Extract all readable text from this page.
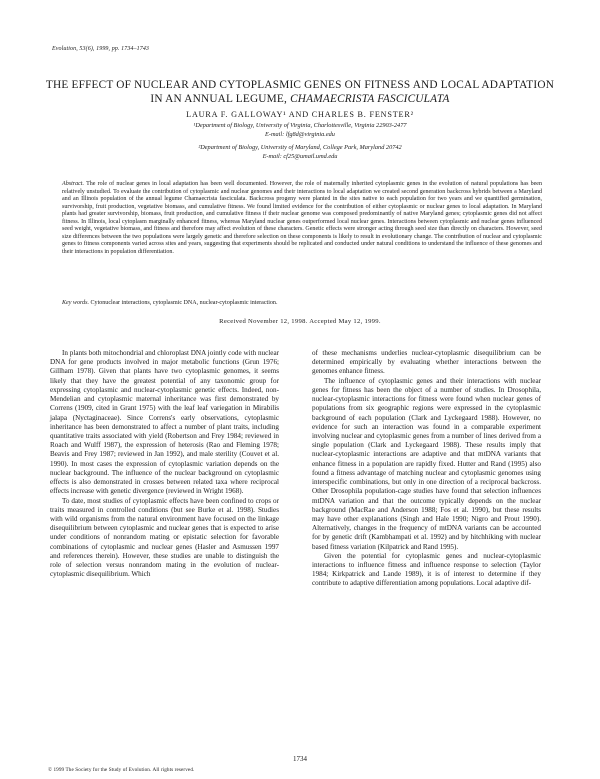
Evolution, 53(6), 1999, pp. 1734–1743
THE EFFECT OF NUCLEAR AND CYTOPLASMIC GENES ON FITNESS AND LOCAL ADAPTATION IN AN ANNUAL LEGUME, CHAMAECRISTA FASCICULATA
LAURA F. GALLOWAY¹ AND CHARLES B. FENSTER²
¹Department of Biology, University of Virginia, Charlottesville, Virginia 22903-2477
E-mail: lfg8d@virginia.edu
²Department of Biology, University of Maryland, College Park, Maryland 20742
E-mail: cf25@umail.umd.edu
Abstract. The role of nuclear genes in local adaptation has been well documented. However, the role of maternally inherited cytoplasmic genes in the evolution of natural populations has been relatively unstudied. To evaluate the contribution of cytoplasmic and nuclear genomes and their interactions to local adaptation we created second generation backcross hybrids between a Maryland and an Illinois population of the annual legume Chamaecrista fasciculata. Backcross progeny were planted in the sites native to each population for two years and we quantified germination, survivorship, fruit production, vegetative biomass, and cumulative fitness. We found limited evidence for the contribution of either cytoplasmic or nuclear genes to local adaptation. In Maryland plants had greater survivorship, biomass, fruit production, and cumulative fitness if their nuclear genome was composed predominantly of native Maryland genes; cytoplasmic genes did not affect fitness. In Illinois, local cytoplasm marginally enhanced fitness, whereas Maryland nuclear genes outperformed local nuclear genes. Interactions between cytoplasmic and nuclear genes influenced seed weight, vegetative biomass, and fitness and therefore may affect evolution of these characters. Genetic effects were stronger acting through seed size than directly on characters. However, seed size differences between the two populations were largely genetic and therefore selection on these components is likely to result in evolutionary change. The contribution of nuclear and cytoplasmic genes to fitness components varied across sites and years, suggesting that experiments should be replicated and conducted under natural conditions to understand the influence of these genomes and their interactions in population differentiation.
Key words. Cytonuclear interactions, cytoplasmic DNA, nuclear-cytoplasmic interaction.
Received November 12, 1998. Accepted May 12, 1999.

In plants both mitochondrial and chloroplast DNA jointly code with nuclear DNA for gene products involved in major metabolic functions (Grun 1976; Gillham 1978). Given that plants have two cytoplasmic genomes, it seems likely that they have the greatest potential of any taxonomic group for expressing cytoplasmic and nuclear-cytoplasmic genetic effects. Indeed, non-Mendelian and cytoplasmic maternal inheritance was first demonstrated by Correns (1909, cited in Grant 1975) with the leaf leaf variegation in Mirabilis jalapa (Nyctaginaceae). Since Correns's early observations, cytoplasmic inheritance has been demonstrated to affect a number of plant traits, including quantitative traits associated with yield (Robertson and Frey 1984; reviewed in Roach and Wulff 1987), the expression of heterosis (Rao and Fleming 1978; Beavis and Frey 1987; reviewed in Jan 1992), and male sterility (Couvet et al. 1990). In most cases the expression of cytoplasmic variation depends on the nuclear background. The influence of the nuclear background on cytoplasmic effects is also demonstrated in crosses between related taxa where reciprocal effects increase with genetic divergence (reviewed in Wright 1968).

To date, most studies of cytoplasmic effects have been confined to crops or traits measured in controlled conditions (but see Burke et al. 1998). Studies with wild organisms from the natural environment have focused on the linkage disequilibrium between cytoplasmic and nuclear genes that is expected to arise under conditions of nonrandom mating or epistatic selection for favorable combinations of cytoplasmic and nuclear genes (Hasler and Asmussen 1997 and references therein). However, these studies are unable to distinguish the role of selection versus nonrandom mating in the evolution of nuclear-cytoplasmic disequilibrium. Which

of these mechanisms underlies nuclear-cytoplasmic disequilibrium can be determined empirically by evaluating whether interactions between the genomes enhance fitness.

The influence of cytoplasmic genes and their interactions with nuclear genes for fitness has been the object of a number of studies. In Drosophila, nuclear-cytoplasmic interactions for fitness were found when nuclear genes of populations from six geographic regions were expressed in the cytoplasmic background of each population (Clark and Lyckegaard 1988). However, no evidence for such an interaction was found in a comparable experiment involving nuclear and cytoplasmic genes from a number of lines derived from a single population (Clark and Lyckegaard 1988). These results imply that nuclear-cytoplasmic interactions are adaptive and that mtDNA variants that enhance fitness in a population are rapidly fixed. Hutter and Rand (1995) also found a fitness advantage of matching nuclear and cytoplasmic genomes using interspecific combinations, but only in one direction of a reciprocal backcross. Other Drosophila population-cage studies have found that selection influences mtDNA variation and that the outcome typically depends on the nuclear background (MacRae and Anderson 1988; Fos et al. 1990), but these results may have other explanations (Singh and Hale 1990; Nigro and Prout 1990). Alternatively, changes in the frequency of mtDNA variants can be accounted for by genetic drift (Kambhampati et al. 1992) and by hitchhiking with nuclear based fitness variation (Kilpatrick and Rand 1995).

Given the potential for cytoplasmic genes and nuclear-cytoplasmic interactions to influence fitness and influence response to selection (Taylor 1984; Kirkpatrick and Lande 1989), it is of interest to determine if they contribute to adaptive differentiation among populations. Local adaptive dif-

1734
© 1999 The Society for the Study of Evolution. All rights reserved.
